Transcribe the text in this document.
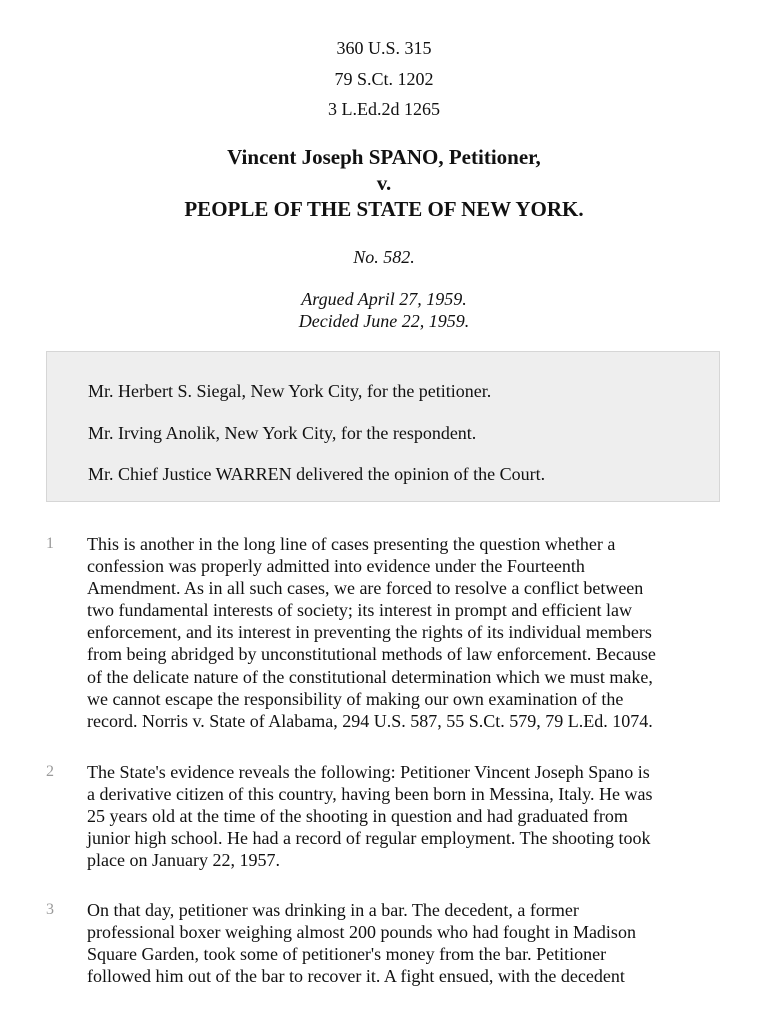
360 U.S. 315
79 S.Ct. 1202
3 L.Ed.2d 1265
Vincent Joseph SPANO, Petitioner,
v.
PEOPLE OF THE STATE OF NEW YORK.
No. 582.
Argued April 27, 1959.
Decided June 22, 1959.
Mr. Herbert S. Siegal, New York City, for the petitioner.
Mr. Irving Anolik, New York City, for the respondent.
Mr. Chief Justice WARREN delivered the opinion of the Court.
1 This is another in the long line of cases presenting the question whether a
confession was properly admitted into evidence under the Fourteenth
Amendment. As in all such cases, we are forced to resolve a conflict between
two fundamental interests of society; its interest in prompt and efficient law
enforcement, and its interest in preventing the rights of its individual members
from being abridged by unconstitutional methods of law enforcement. Because
of the delicate nature of the constitutional determination which we must make,
we cannot escape the responsibility of making our own examination of the
record. Norris v. State of Alabama, 294 U.S. 587, 55 S.Ct. 579, 79 L.Ed. 1074.
2 The State's evidence reveals the following: Petitioner Vincent Joseph Spano is
a derivative citizen of this country, having been born in Messina, Italy. He was
25 years old at the time of the shooting in question and had graduated from
junior high school. He had a record of regular employment. The shooting took
place on January 22, 1957.
3 On that day, petitioner was drinking in a bar. The decedent, a former
professional boxer weighing almost 200 pounds who had fought in Madison
Square Garden, took some of petitioner's money from the bar. Petitioner
followed him out of the bar to recover it. A fight ensued, with the decedent
